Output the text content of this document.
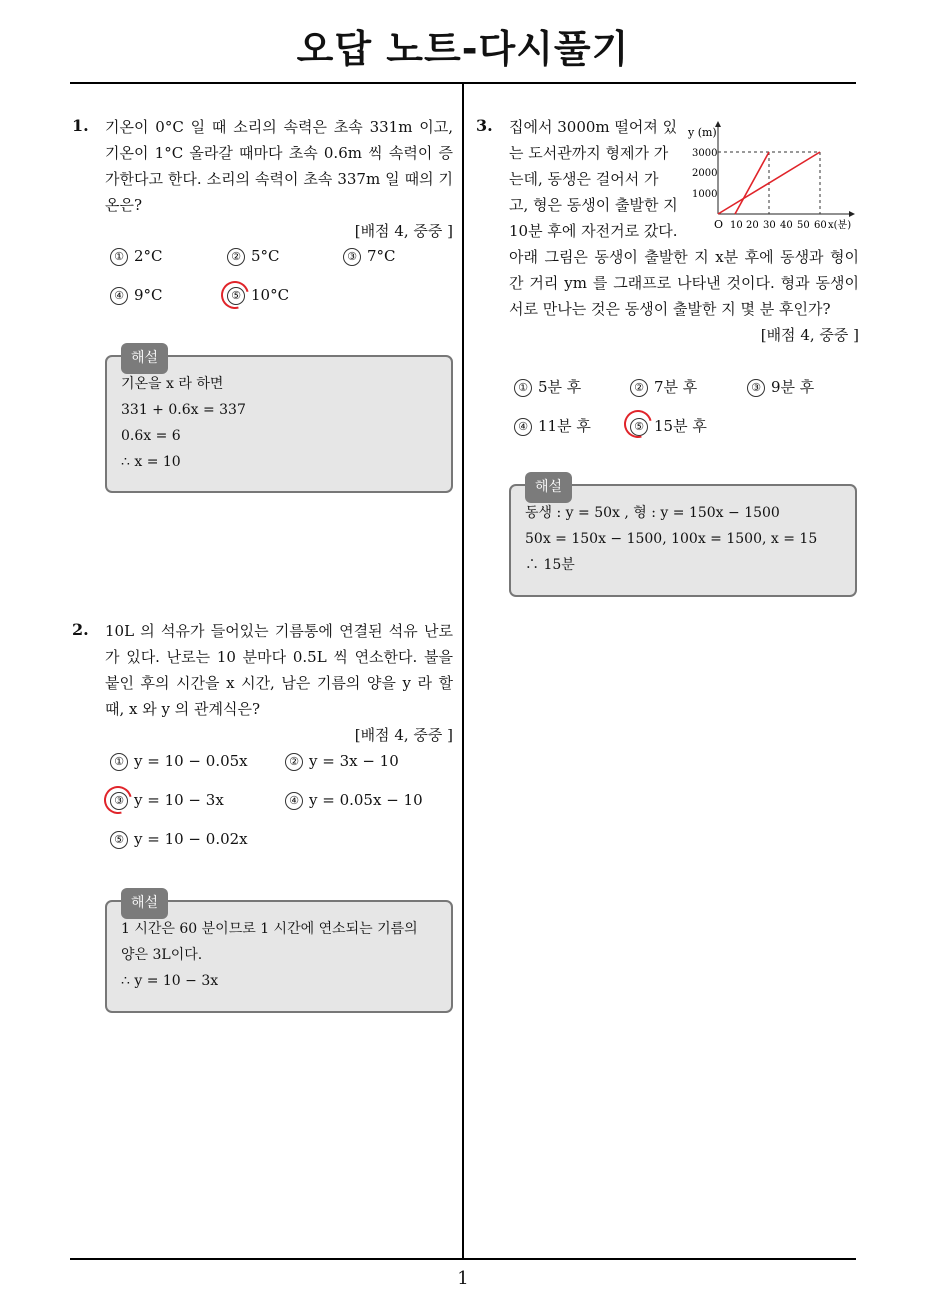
오답 노트-다시풀기
1. 기온이 0°C 일 때 소리의 속력은 초속 331m 이고, 기온이 1°C 올라갈 때마다 초속 0.6m 씩 속력이 증가한다고 한다. 소리의 속력이 초속 337m 일 때의 기온은?
[배점 4, 중중 ]
① 2°C	② 5°C	③ 7°C
④ 9°C	⑤ 10°C
해설
기온을 x 라 하면
331 + 0.6x = 337
0.6x = 6
∴ x = 10
2. 10L 의 석유가 들어있는 기름통에 연결된 석유 난로가 있다. 난로는 10 분마다 0.5L 씩 연소한다. 불을 붙인 후의 시간을 x 시간, 남은 기름의 양을 y 라 할 때, x 와 y 의 관계식은?
[배점 4, 중중 ]
① y = 10 − 0.05x	② y = 3x − 10
③ y = 10 − 3x	④ y = 0.05x − 10
⑤ y = 10 − 0.02x
해설
1 시간은 60 분이므로 1 시간에 연소되는 기름의
양은 3L이다.
∴ y = 10 − 3x
3. 집에서 3000m 떨어져 있
는 도서관까지 형제가 가
는데, 동생은 걸어서 가
고, 형은 동생이 출발한 지
10분 후에 자전거로 갔다.
아래 그림은 동생이 출발한 지 x분 후에 동생과 형이 간 거리 ym 를 그래프로 나타낸 것이다. 형과 동생이 서로 만나는 것은 동생이 출발한 지 몇 분 후인가?
[배점 4, 중중 ]
y (m)
3000
2000
1000
O 10 20 30 40 50 60 x(분)
① 5분 후	② 7분 후	③ 9분 후
④ 11분 후	⑤ 15분 후
해설
동생 : y = 50x , 형 : y = 150x − 1500
50x = 150x − 1500, 100x = 1500, x = 15
∴ 15분
1
